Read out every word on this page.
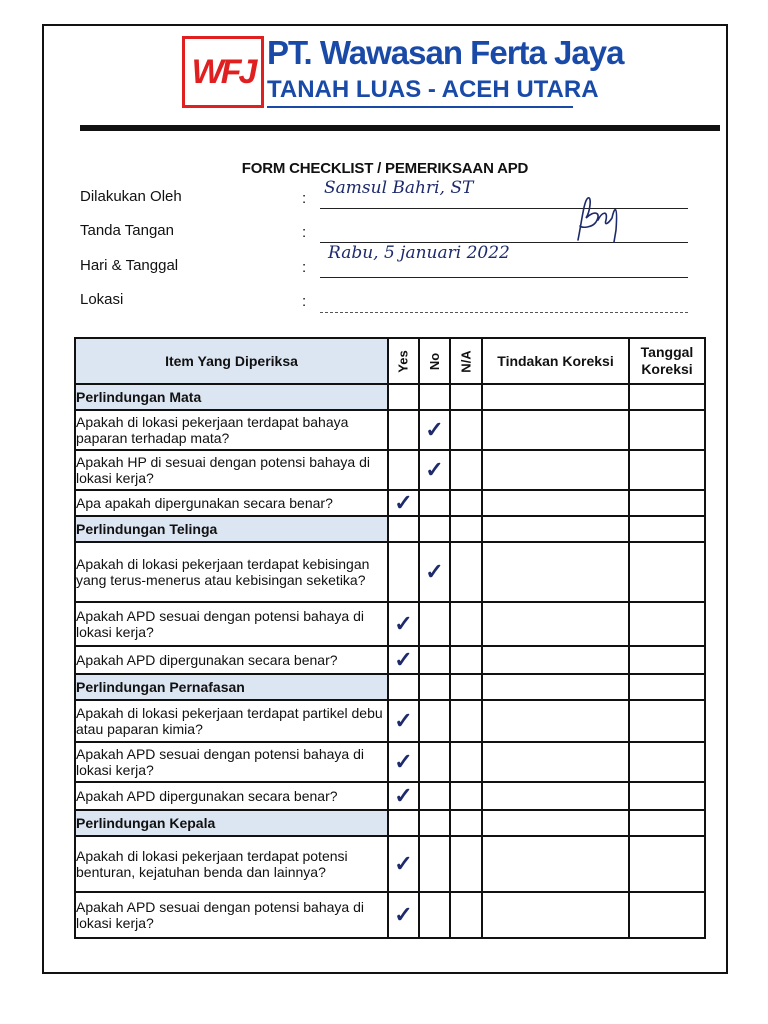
WFJ PT. Wawasan Ferta Jaya
TANAH LUAS - ACEH UTARA
FORM CHECKLIST / PEMERIKSAAN APD
Dilakukan Oleh	:
Samsul Bahri, ST
Tanda Tangan	:
Hari & Tanggal	:
Rabu, 5 januari 2022
Lokasi	:
Item Yang Diperiksa	Yes	No	N/A	Tindakan Koreksi	Tanggal
Koreksi
Perlindungan Mata					
Apakah di lokasi pekerjaan terdapat bahaya paparan terhadap mata?		✓			
Apakah HP di sesuai dengan potensi bahaya di lokasi kerja?		✓			
Apa apakah dipergunakan secara benar?	✓				
Perlindungan Telinga					
Apakah di lokasi pekerjaan terdapat kebisingan yang terus-menerus atau kebisingan seketika?		✓			
Apakah APD sesuai dengan potensi bahaya di lokasi kerja?	✓				
Apakah APD dipergunakan secara benar?	✓				
Perlindungan Pernafasan					
Apakah di lokasi pekerjaan terdapat partikel debu atau paparan kimia?	✓				
Apakah APD sesuai dengan potensi bahaya di lokasi kerja?	✓				
Apakah APD dipergunakan secara benar?	✓				
Perlindungan Kepala					
Apakah di lokasi pekerjaan terdapat potensi benturan, kejatuhan benda dan lainnya?	✓				
Apakah APD sesuai dengan potensi bahaya di lokasi kerja?	✓				
